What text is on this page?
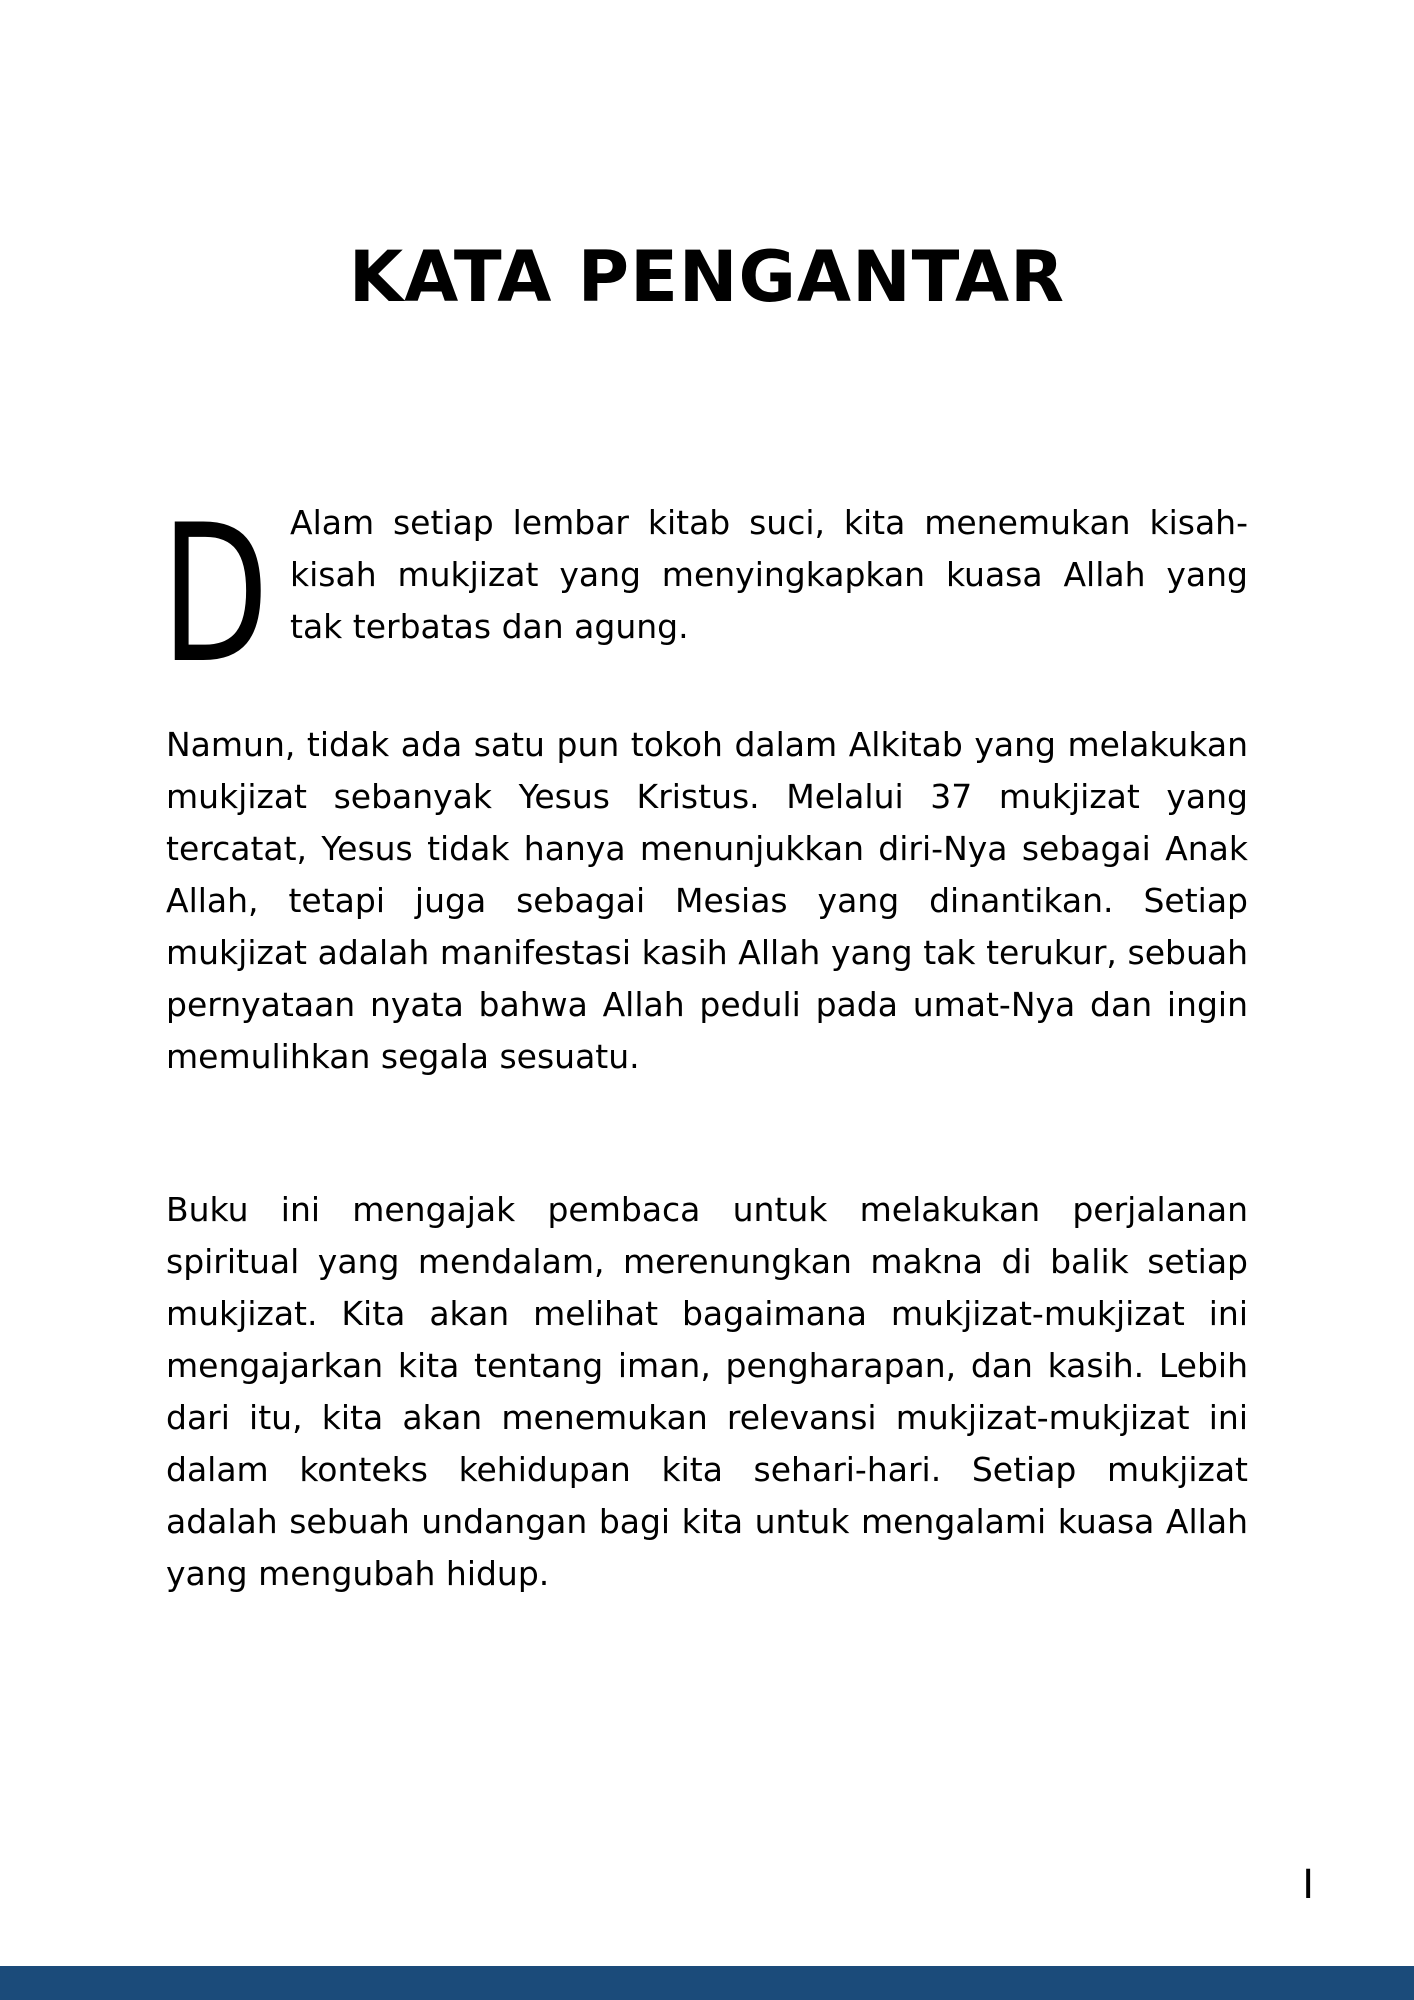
KATA PENGANTAR
D Alam setiap lembar kitab suci, kita menemukan kisah-kisah mukjizat yang menyingkapkan kuasa Allah yang tak terbatas dan agung.

Namun, tidak ada satu pun tokoh dalam Alkitab yang melakukan mukjizat sebanyak Yesus Kristus. Melalui 37 mukjizat yang tercatat, Yesus tidak hanya menunjukkan diri-Nya sebagai Anak Allah, tetapi juga sebagai Mesias yang dinantikan. Setiap mukjizat adalah manifestasi kasih Allah yang tak terukur, sebuah pernyataan nyata bahwa Allah peduli pada umat-Nya dan ingin memulihkan segala sesuatu.

Buku ini mengajak pembaca untuk melakukan perjalanan spiritual yang mendalam, merenungkan makna di balik setiap mukjizat. Kita akan melihat bagaimana mukjizat-mukjizat ini mengajarkan kita tentang iman, pengharapan, dan kasih. Lebih dari itu, kita akan menemukan relevansi mukjizat-mukjizat ini dalam konteks kehidupan kita sehari-hari. Setiap mukjizat adalah sebuah undangan bagi kita untuk mengalami kuasa Allah yang mengubah hidup.

I
